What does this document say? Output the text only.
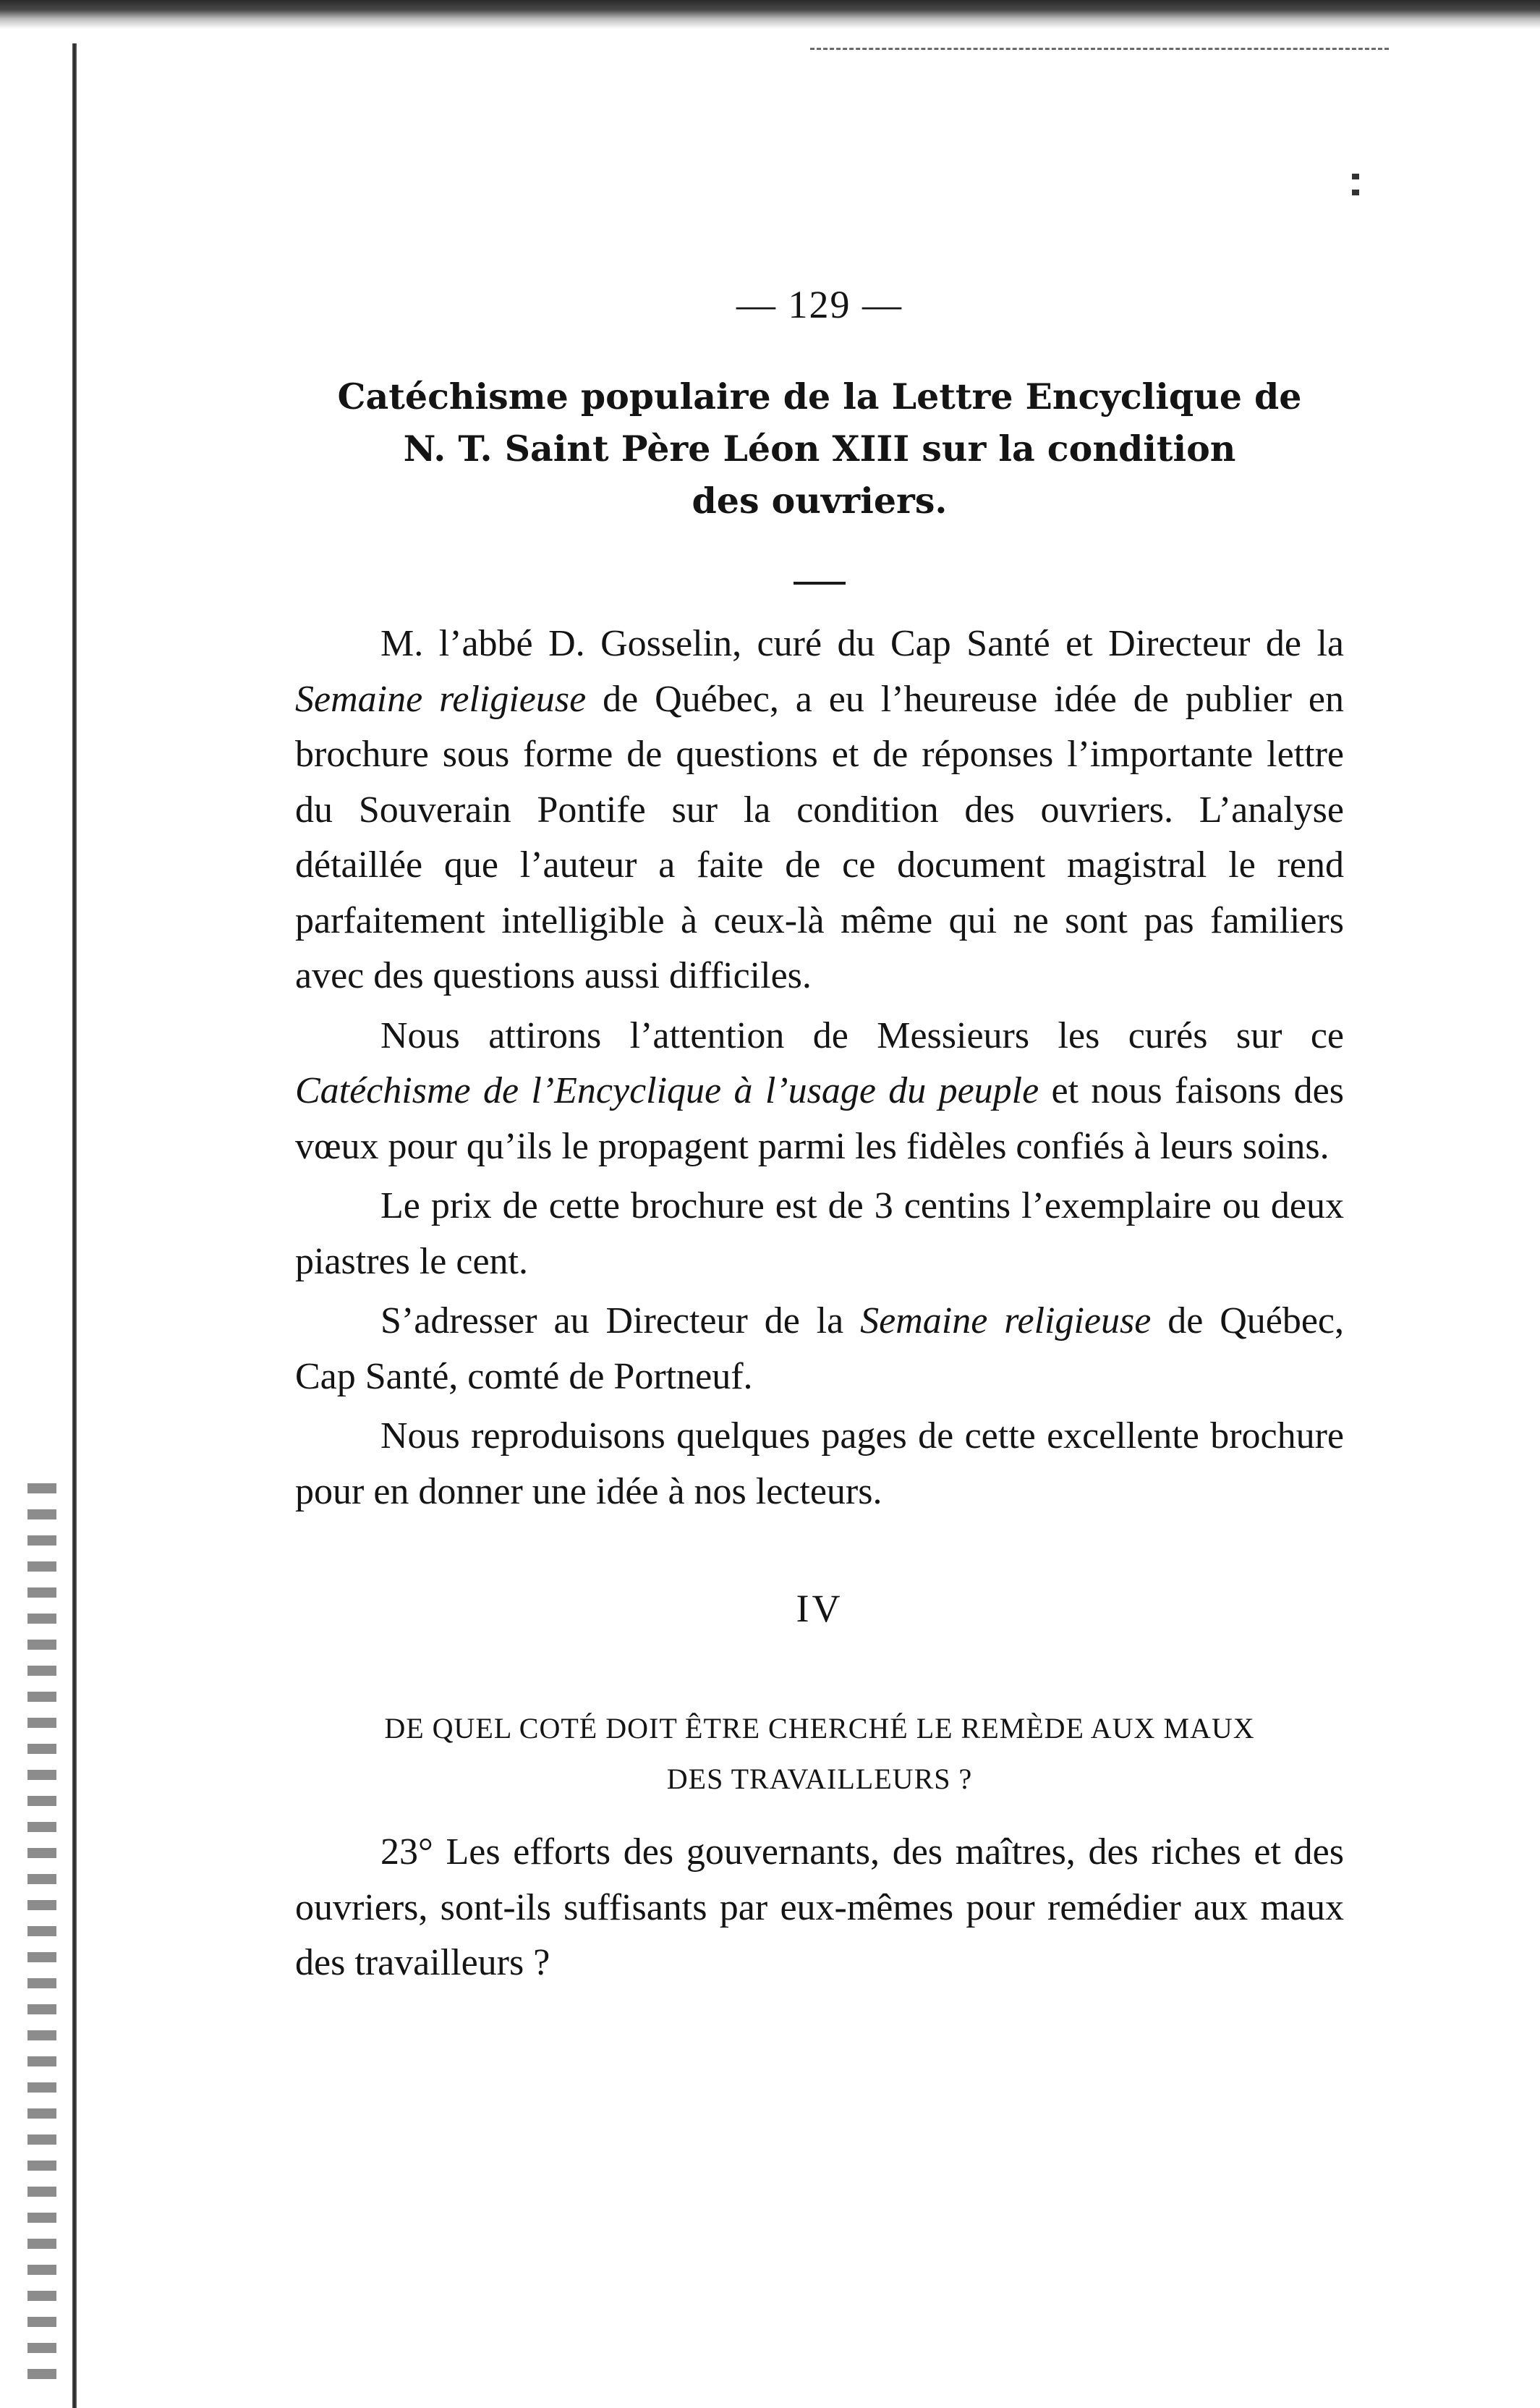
— 129 —
Catéchisme populaire de la Lettre Encyclique de
N. T. Saint Père Léon XIII sur la condition
des ouvriers.

M. l’abbé D. Gosselin, curé du Cap Santé et Directeur de la Semaine religieuse de Québec, a eu l’heureuse idée de publier en brochure sous forme de questions et de réponses l’importante lettre du Souverain Pontife sur la condition des ouvriers. L’analyse détaillée que l’auteur a faite de ce document magistral le rend parfaitement intelligible à ceux-là même qui ne sont pas familiers avec des questions aussi difficiles.

Nous attirons l’attention de Messieurs les curés sur ce Catéchisme de l’Encyclique à l’usage du peuple et nous faisons des vœux pour qu’ils le propagent parmi les fidèles confiés à leurs soins.

Le prix de cette brochure est de 3 centins l’exemplaire ou deux piastres le cent.

S’adresser au Directeur de la Semaine religieuse de Québec, Cap Santé, comté de Portneuf.

Nous reproduisons quelques pages de cette excellente brochure pour en donner une idée à nos lecteurs.

IV
DE QUEL COTÉ DOIT ÊTRE CHERCHÉ LE REMÈDE AUX MAUX
DES TRAVAILLEURS ?

23° Les efforts des gouvernants, des maîtres, des riches et des ouvriers, sont-ils suffisants par eux-mêmes pour remédier aux maux des travailleurs ?
